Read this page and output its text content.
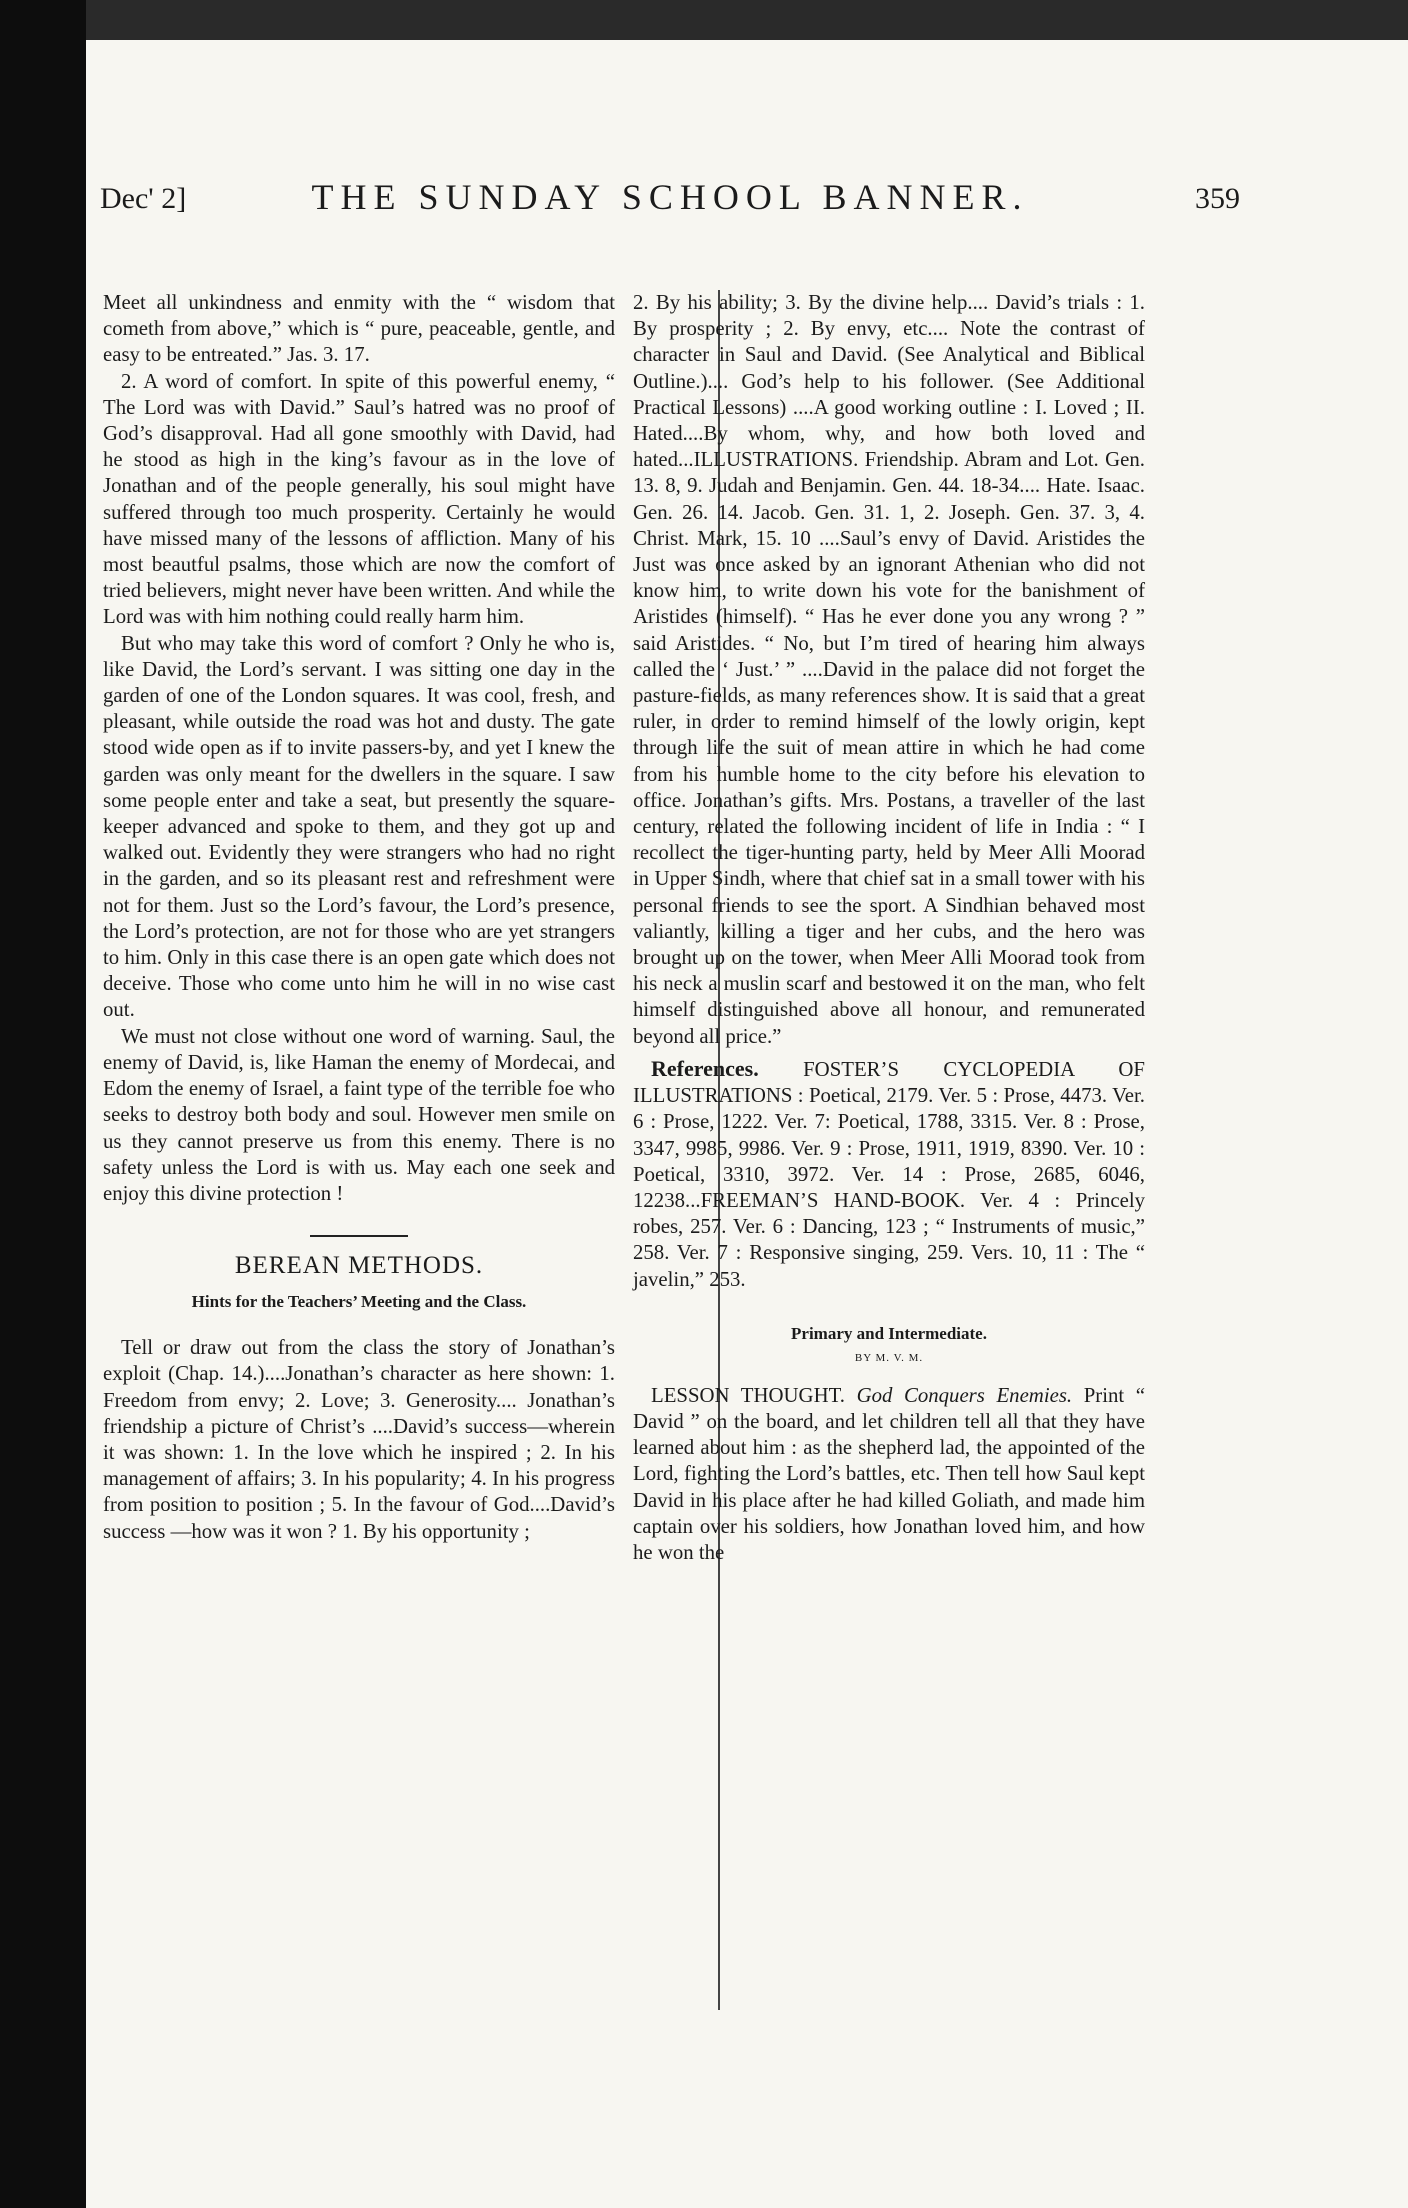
Dec' 2]	THE SUNDAY SCHOOL BANNER.	359

Meet all unkindness and enmity with the “ wisdom that cometh from above,” which is “ pure, peaceable, gentle, and easy to be entreated.” Jas. 3. 17.

2. A word of comfort. In spite of this powerful enemy, “ The Lord was with David.” Saul’s hatred was no proof of God’s disapproval. Had all gone smoothly with David, had he stood as high in the king’s favour as in the love of Jonathan and of the people generally, his soul might have suffered through too much prosperity. Certainly he would have missed many of the lessons of affliction. Many of his most beautful psalms, those which are now the comfort of tried believers, might never have been written. And while the Lord was with him nothing could really harm him.

But who may take this word of comfort ? Only he who is, like David, the Lord’s servant. I was sitting one day in the garden of one of the London squares. It was cool, fresh, and pleasant, while outside the road was hot and dusty. The gate stood wide open as if to invite passers-by, and yet I knew the garden was only meant for the dwellers in the square. I saw some people enter and take a seat, but presently the square-keeper advanced and spoke to them, and they got up and walked out. Evidently they were strangers who had no right in the garden, and so its pleasant rest and refreshment were not for them. Just so the Lord’s favour, the Lord’s presence, the Lord’s protection, are not for those who are yet strangers to him. Only in this case there is an open gate which does not deceive. Those who come unto him he will in no wise cast out.

We must not close without one word of warning. Saul, the enemy of David, is, like Haman the enemy of Mordecai, and Edom the enemy of Israel, a faint type of the terrible foe who seeks to destroy both body and soul. However men smile on us they cannot preserve us from this enemy. There is no safety unless the Lord is with us. May each one seek and enjoy this divine protection !

BEREAN METHODS.
Hints for the Teachers’ Meeting and the Class.

Tell or draw out from the class the story of Jonathan’s exploit (Chap. 14.)....Jonathan’s character as here shown: 1. Freedom from envy; 2. Love; 3. Generosity.... Jonathan’s friendship a picture of Christ’s ....David’s success—wherein it was shown: 1. In the love which he inspired ; 2. In his management of affairs; 3. In his popularity; 4. In his progress from position to position ; 5. In the favour of God....David’s success —how was it won ? 1. By his opportunity ;

2. By his ability; 3. By the divine help.... David’s trials : 1. By prosperity ; 2. By envy, etc.... Note the contrast of character in Saul and David. (See Analytical and Biblical Outline.).... God’s help to his follower. (See Additional Practical Lessons) ....A good working outline : I. Loved ; II. Hated....By whom, why, and how both loved and hated...ILLUSTRATIONS. Friendship. Abram and Lot. Gen. 13. 8, 9. Judah and Benjamin. Gen. 44. 18-34.... Hate. Isaac. Gen. 26. 14. Jacob. Gen. 31. 1, 2. Joseph. Gen. 37. 3, 4. Christ. Mark, 15. 10 ....Saul’s envy of David. Aristides the Just was once asked by an ignorant Athenian who did not know him, to write down his vote for the banishment of Aristides (himself). “ Has he ever done you any wrong ? ” said Aristides. “ No, but I’m tired of hearing him always called the ‘ Just.’ ” ....David in the palace did not forget the pasture-fields, as many references show. It is said that a great ruler, in order to remind himself of the lowly origin, kept through life the suit of mean attire in which he had come from his humble home to the city before his elevation to office. Jonathan’s gifts. Mrs. Postans, a traveller of the last century, related the following incident of life in India : “ I recollect the tiger-hunting party, held by Meer Alli Moorad in Upper Sindh, where that chief sat in a small tower with his personal friends to see the sport. A Sindhian behaved most valiantly, killing a tiger and her cubs, and the hero was brought up on the tower, when Meer Alli Moorad took from his neck a muslin scarf and bestowed it on the man, who felt himself distinguished above all honour, and remunerated beyond all price.”

References. FOSTER’S CYCLOPEDIA OF ILLUSTRATIONS : Poetical, 2179. Ver. 5 : Prose, 4473. Ver. 6 : Prose, 1222. Ver. 7: Poetical, 1788, 3315. Ver. 8 : Prose, 3347, 9985, 9986. Ver. 9 : Prose, 1911, 1919, 8390. Ver. 10 : Poetical, 3310, 3972. Ver. 14 : Prose, 2685, 6046, 12238...FREEMAN’S HAND-BOOK. Ver. 4 : Princely robes, 257. Ver. 6 : Dancing, 123 ; “ Instruments of music,” 258. Ver. 7 : Responsive singing, 259. Vers. 10, 11 : The “ javelin,” 253.

Primary and Intermediate.
BY M. V. M.

LESSON THOUGHT. God Conquers Enemies. Print “ David ” on the board, and let children tell all that they have learned about him : as the shepherd lad, the appointed of the Lord, fighting the Lord’s battles, etc. Then tell how Saul kept David in his place after he had killed Goliath, and made him captain over his soldiers, how Jonathan loved him, and how he won the
